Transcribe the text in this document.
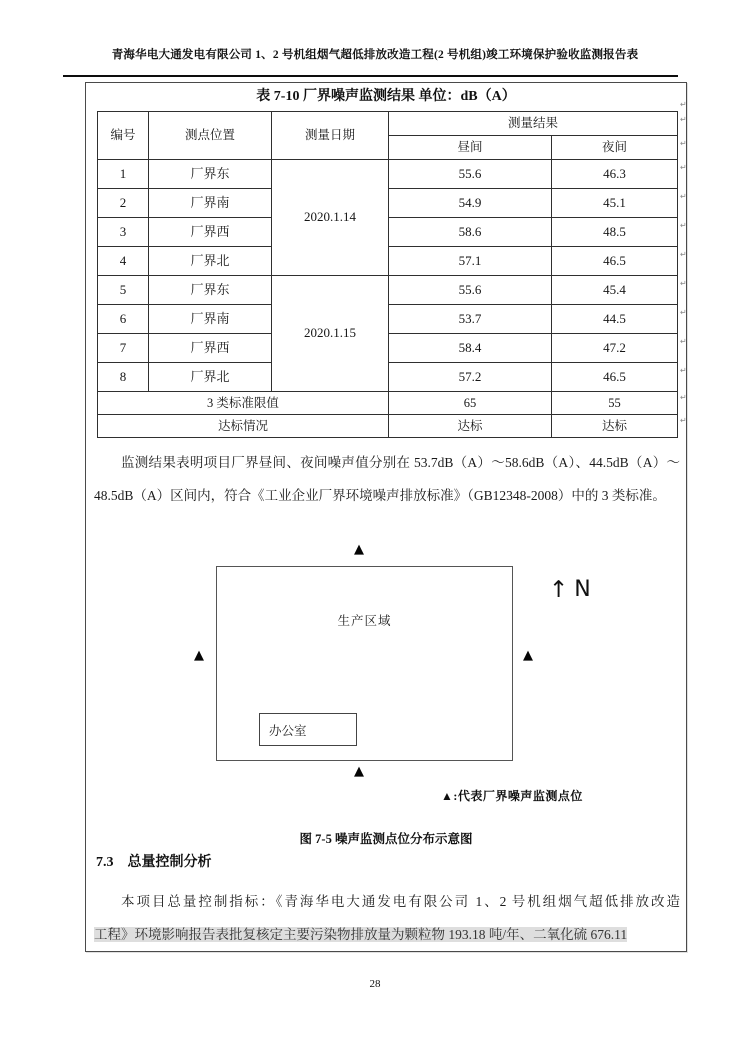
青海华电大通发电有限公司 1、2 号机组烟气超低排放改造工程(2 号机组)竣工环境保护验收监测报告表
表 7-10 厂界噪声监测结果 单位：dB（A）
编号	测点位置	测量日期	测量结果	
			昼间	夜间
1	厂界东	2020.1.14	55.6	46.3
2	厂界南		54.9	45.1
3	厂界西		58.6	48.5
4	厂界北		57.1	46.5
5	厂界东	2020.1.15	55.6	45.4
6	厂界南		53.7	44.5
7	厂界西		58.4	47.2
8	厂界北		57.2	46.5
3 类标准限值			65	55
达标情况			达标	达标
↵
↵
↵
↵
↵
↵
↵
↵
↵
↵
↵
↵
↵
监测结果表明项目厂界昼间、夜间噪声值分别在 53.7dB（A）～58.6dB（A）、44.5dB（A）～48.5dB（A）区间内，符合《工业企业厂界环境噪声排放标准》（GB12348-2008）中的 3 类标准。
▲
生产区域
↑ N
▲	▲
办公室
▲
▲:代表厂界噪声监测点位
图 7-5 噪声监测点位分布示意图
7.3 总量控制分析
本项目总量控制指标：《青海华电大通发电有限公司 1、2 号机组烟气超低排放改造
工程》环境影响报告表批复核定主要污染物排放量为颗粒物 193.18 吨/年、二氧化硫 676.11
28
